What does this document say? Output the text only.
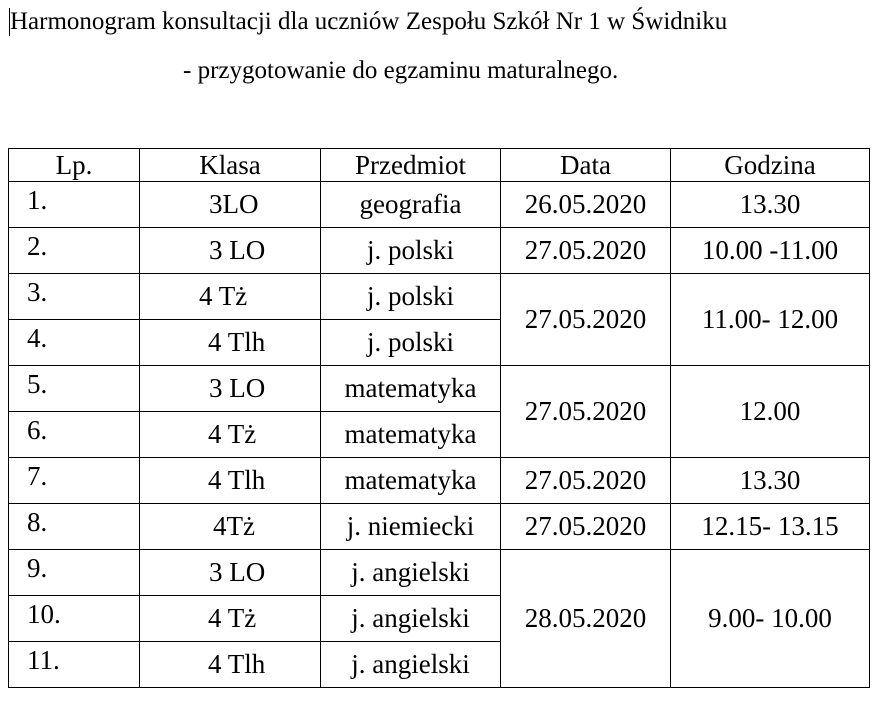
Harmonogram konsultacji dla uczniów Zespołu Szkół Nr 1 w Świdniku
- przygotowanie do egzaminu maturalnego.
Lp.	Klasa	Przedmiot	Data	Godzina
1.	3LO	geografia	26.05.2020	13.30
2.	3 LO	j. polski	27.05.2020	10.00 -11.00
3.	4 Tż	j. polski	27.05.2020	11.00- 12.00
4.	4 Tlh	j. polski		
5.	3 LO	matematyka	27.05.2020	12.00
6.	4 Tż	matematyka		
7.	4 Tlh	matematyka	27.05.2020	13.30
8.	4Tż	j. niemiecki	27.05.2020	12.15- 13.15
9.	3 LO	j. angielski	28.05.2020	9.00- 10.00
10.	4 Tż	j. angielski		
11.	4 Tlh	j. angielski		
